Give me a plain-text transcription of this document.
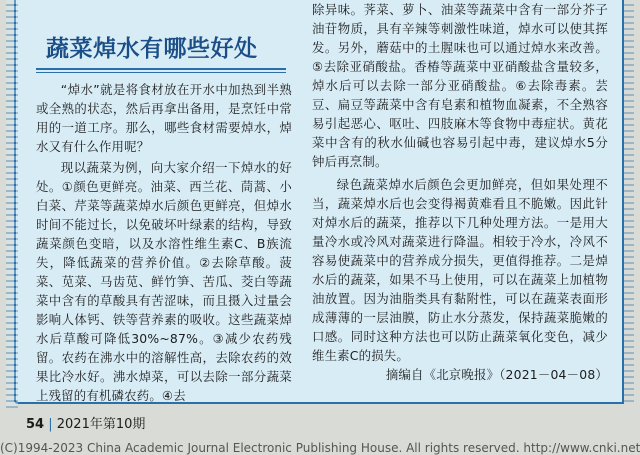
蔬菜焯水有哪些好处

“焯水”就是将食材放在开水中加热到半熟或全熟的状态，然后再拿出备用，是烹饪中常用的一道工序。那么，哪些食材需要焯水，焯水又有什么作用呢？

现以蔬菜为例，向大家介绍一下焯水的好处。①颜色更鲜亮。油菜、西兰花、茼蒿、小白菜、芹菜等蔬菜焯水后颜色更鲜亮，但焯水时间不能过长，以免破坏叶绿素的结构，导致蔬菜颜色变暗，以及水溶性维生素C、B族流失，降低蔬菜的营养价值。②去除草酸。菠菜、苋菜、马齿苋、鲜竹笋、苦瓜、茭白等蔬菜中含有的草酸具有苦涩味，而且摄入过量会影响人体钙、铁等营养素的吸收。这些蔬菜焯水后草酸可降低30%~87%。③减少农药残留。农药在沸水中的溶解性高，去除农药的效果比冷水好。沸水焯菜，可以去除一部分蔬菜上残留的有机磷农药。④去

除异味。荠菜、萝卜、油菜等蔬菜中含有一部分芥子油苷物质，具有辛辣等刺激性味道，焯水可以使其挥发。另外，蘑菇中的土腥味也可以通过焯水来改善。⑤去除亚硝酸盐。香椿等蔬菜中亚硝酸盐含量较多，焯水后可以去除一部分亚硝酸盐。⑥去除毒素。芸豆、扁豆等蔬菜中含有皂素和植物血凝素，不全熟容易引起恶心、呕吐、四肢麻木等食物中毒症状。黄花菜中含有的秋水仙碱也容易引起中毒，建议焯水5分钟后再烹制。

绿色蔬菜焯水后颜色会更加鲜亮，但如果处理不当，蔬菜焯水后也会变得褐黄难看且不脆嫩。因此针对焯水后的蔬菜，推荐以下几种处理方法。一是用大量冷水或冷风对蔬菜进行降温。相较于冷水，冷风不容易使蔬菜中的营养成分损失，更值得推荐。二是焯水后的蔬菜，如果不马上使用，可以在蔬菜上加植物油放置。因为油脂类具有黏附性，可以在蔬菜表面形成薄薄的一层油膜，防止水分蒸发，保持蔬菜脆嫩的口感。同时这种方法也可以防止蔬菜氧化变色，减少维生素C的损失。

摘编自《北京晚报》（2021－04－08）

54 | 2021年第10期
(C)1994-2023 China Academic Journal Electronic Publishing House. All rights reserved. http://www.cnki.net
